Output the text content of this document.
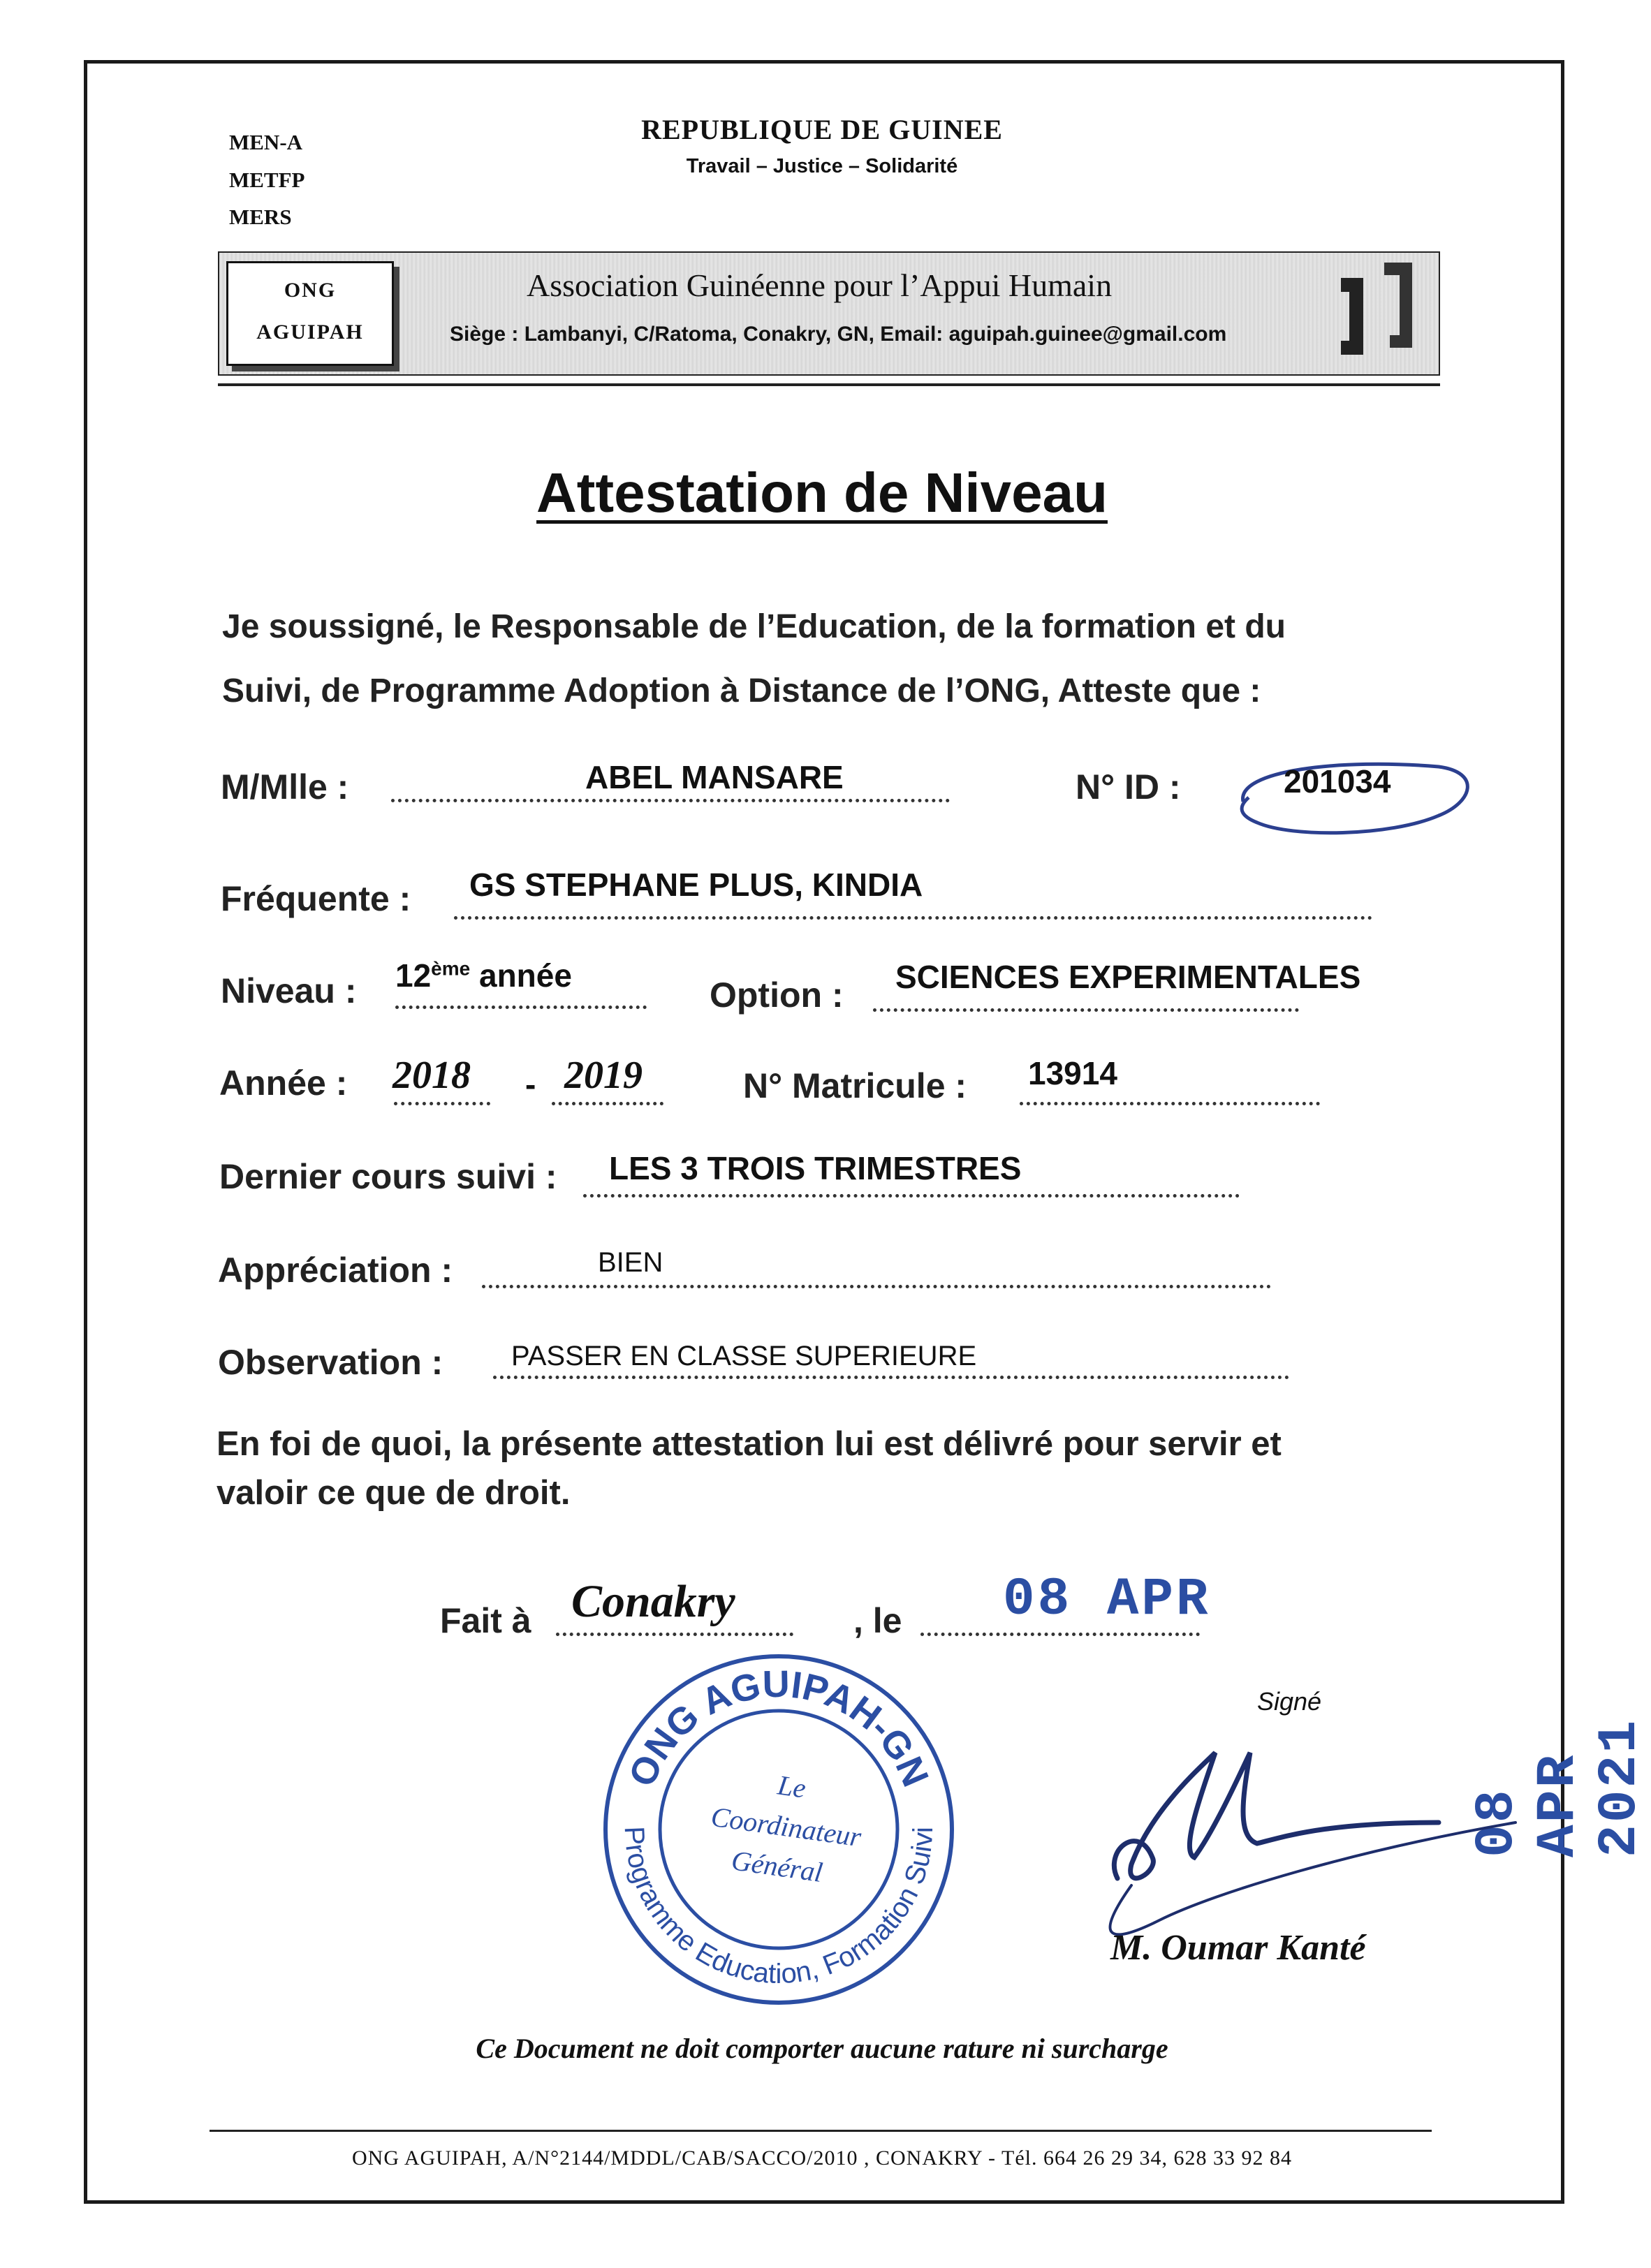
MEN-A
METFP
MERS
REPUBLIQUE DE GUINEE
Travail – Justice – Solidarité
ONG
AGUIPAH
Association Guinéenne pour l’Appui Humain
Siège : Lambanyi, C/Ratoma, Conakry, GN, Email: aguipah.guinee@gmail.com
Attestation de Niveau
Je soussigné, le Responsable de l’Education, de la formation et du
Suivi, de Programme Adoption à Distance de l’ONG, Atteste que :
M/Mlle :	ABEL MANSARE	N° ID :	201034
Fréquente : GS STEPHANE PLUS, KINDIA
Niveau : 12ème année	Option : SCIENCES EXPERIMENTALES
Année : 2018 - 2019	N° Matricule : 13914
Dernier cours suivi : LES 3 TROIS TRIMESTRES
Appréciation :	BIEN
Observation : PASSER EN CLASSE SUPERIEURE
En foi de quoi, la présente attestation lui est délivré pour servir et
valoir ce que de droit.
Fait à Conakry	, le 08 APR
08 APR 2021
ONG AGUIPAH-GN
Programme Education, Formation Suivi
Le
Coordinateur
Général
Signé
M. Oumar Kanté
Ce Document ne doit comporter aucune rature ni surcharge
ONG AGUIPAH, A/N°2144/MDDL/CAB/SACCO/2010 , CONAKRY - Tél. 664 26 29 34, 628 33 92 84
